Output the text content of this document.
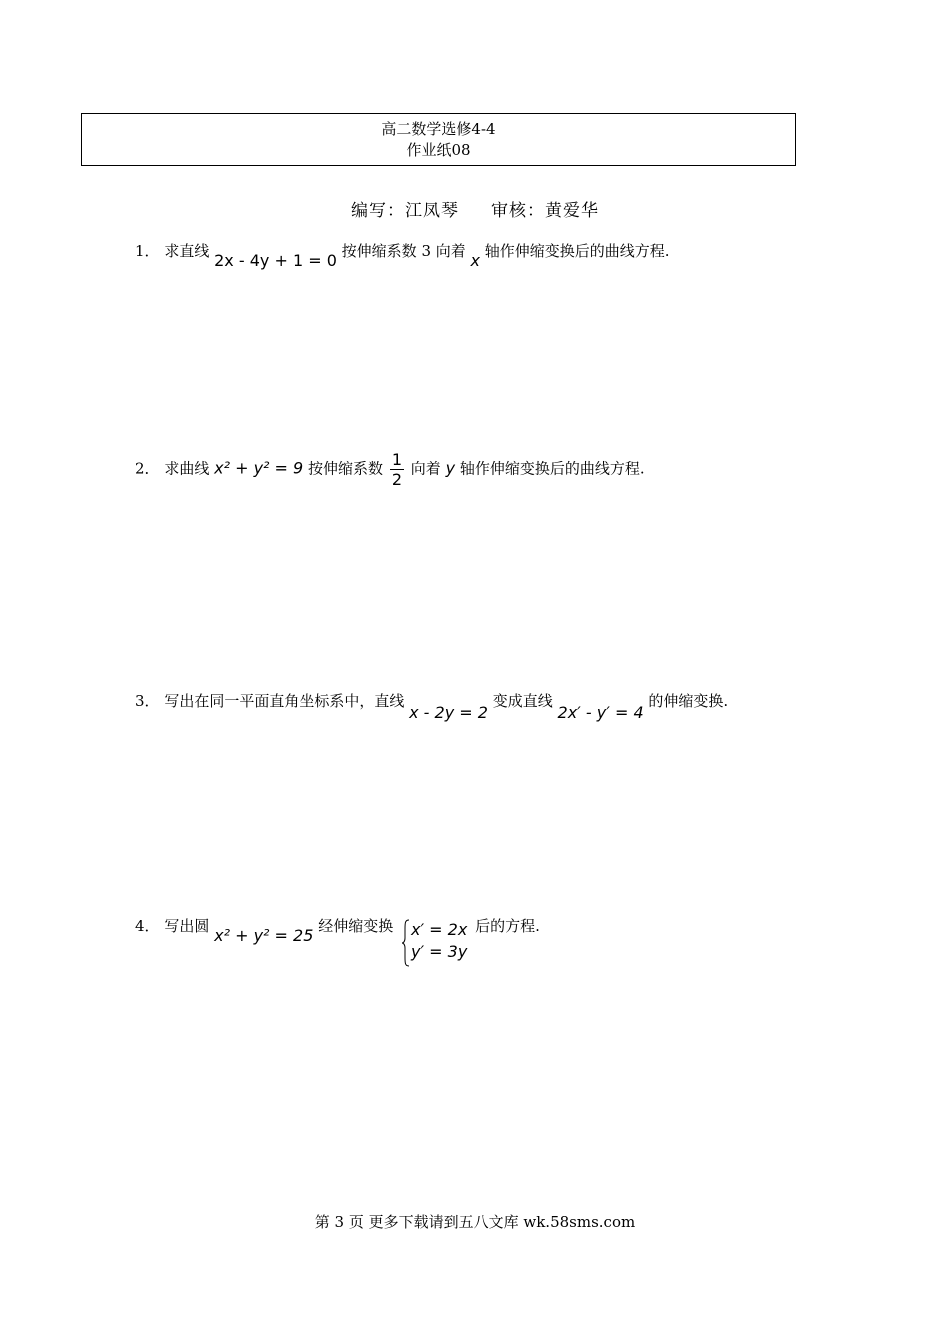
高二数学选修4-4
作业纸08
编写：江凤琴 审核：黄爱华
1． 求直线 2x - 4y + 1 = 0 按伸缩系数 3 向着 x 轴作伸缩变换后的曲线方程.
2． 求曲线 x² + y² = 9 按伸缩系数 $\frac{1}{2}$ 向着 y 轴作伸缩变换后的曲线方程.
3． 写出在同一平面直角坐标系中，直线 x - 2y = 2 变成直线 2x′ - y′ = 4 的伸缩变换.
4． 写出圆 x² + y² = 25 经伸缩变换 x′ = 2x
y′ = 3y
后的方程.
第 3 页 更多下载请到五八文库 wk.58sms.com
